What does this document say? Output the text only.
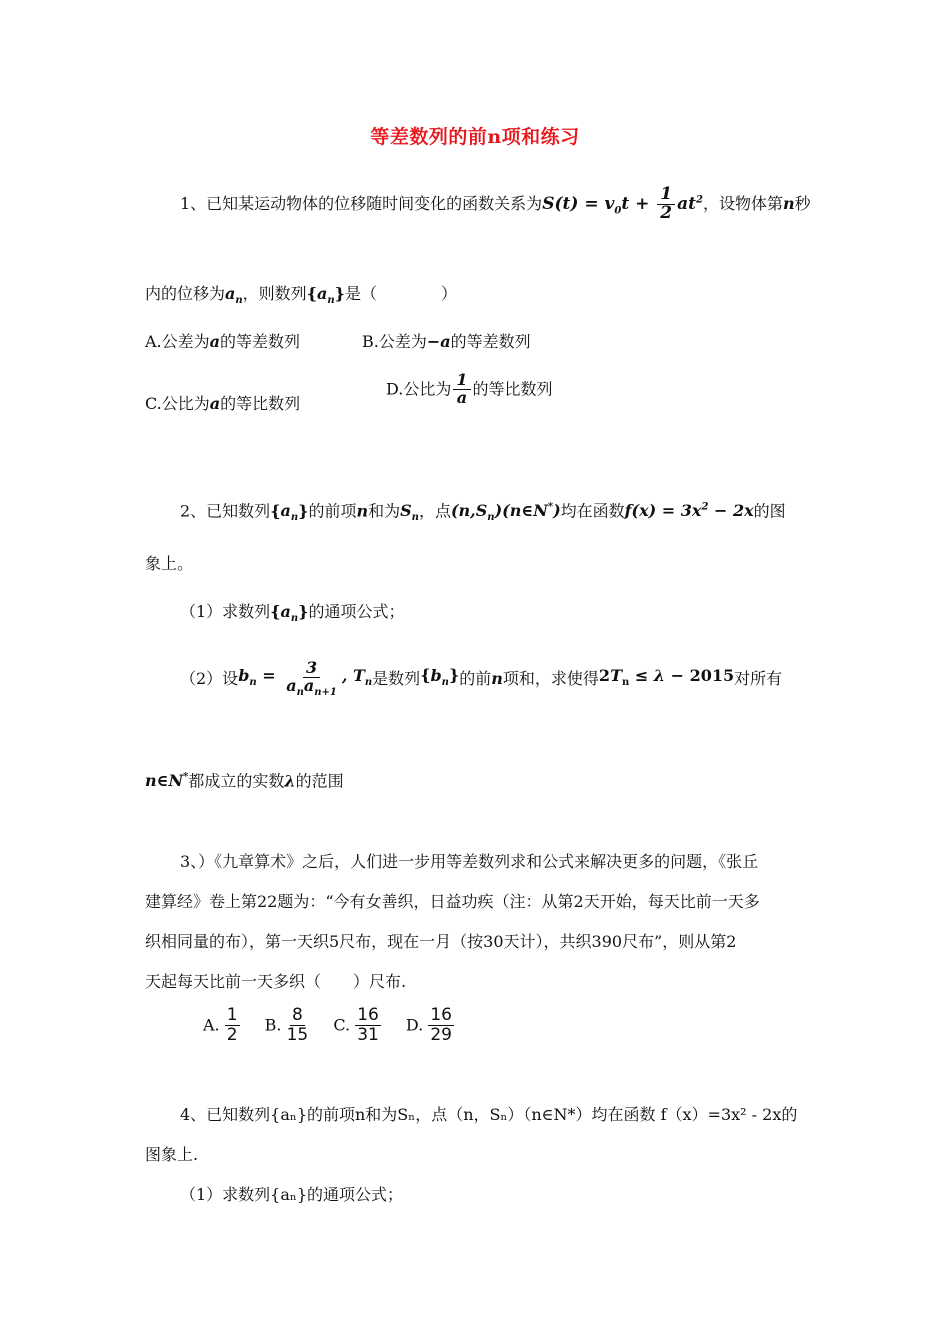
等差数列的前n项和练习
1、已知某运动物体的位移随时间变化的函数关系为$S(t) = v_0t + \frac{1}{2} at^2$，设物体第n秒
内的位移为$a_n$，则数列$\{a_n\}$是（　　　　）
A.公差为a的等差数列	B.公差为−a的等差数列
C.公比为a的等比数列
D.公比为 $\frac{1}{a}$ 的等比数列
2、已知数列$\{a_n\}$的前项n和为$S_n$，点$(n,S_n)(n\in N^*)$均在函数$f(x) = 3x^2 - 2x$的图
象上。
（1）求数列$\{a_n\}$的通项公式；
（2）设$b_n = \frac{3}{a_na_{n+1}}$ , $T_n$是数列$\{b_n\}$的前n项和，求使得$2T_n \le \lambda - 2015$对所有
n∈N*都成立的实数λ的范围
3、）《九章算术》之后，人们进一步用等差数列求和公式来解决更多的问题，《张丘
建算经》卷上第22题为：“今有女善织，日益功疾（注：从第2天开始，每天比前一天多
织相同量的布），第一天织5尺布，现在一月（按30天计），共织390尺布”，则从第2
天起每天比前一天多织（　　）尺布.
A. $\frac{1}{2} B$. $\frac{8}{15} C$. $\frac{16}{31} D$. $\frac{16}{29}$
4、已知数列{aₙ}的前项n和为Sₙ，点（n，Sₙ）（n∈N*）均在函数 f（x）=3x² - 2x的
图象上.
（1）求数列{aₙ}的通项公式；
